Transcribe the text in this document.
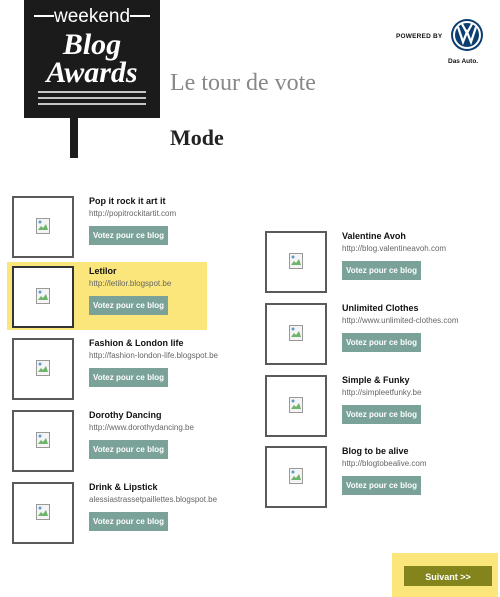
weekend
Blog
Awards
POWERED BY
Das Auto.
Le tour de vote
Mode
Pop it rock it art it
http://popitrockitartit.com
Votez pour ce blog
Letilor
http://letilor.blogspot.be
Votez pour ce blog
Fashion & London life
http://fashion-london-life.blogspot.be
Votez pour ce blog
Dorothy Dancing
http://www.dorothydancing.be
Votez pour ce blog
Drink & Lipstick
alessiastrassetpaillettes.blogspot.be
Votez pour ce blog
Valentine Avoh
http://blog.valentineavoh.com
Votez pour ce blog
Unlimited Clothes
http://www.unlimited-clothes.com
Votez pour ce blog
Simple & Funky
http://simpleetfunky.be
Votez pour ce blog
Blog to be alive
http://blogtobealive.com
Votez pour ce blog
Suivant >>
